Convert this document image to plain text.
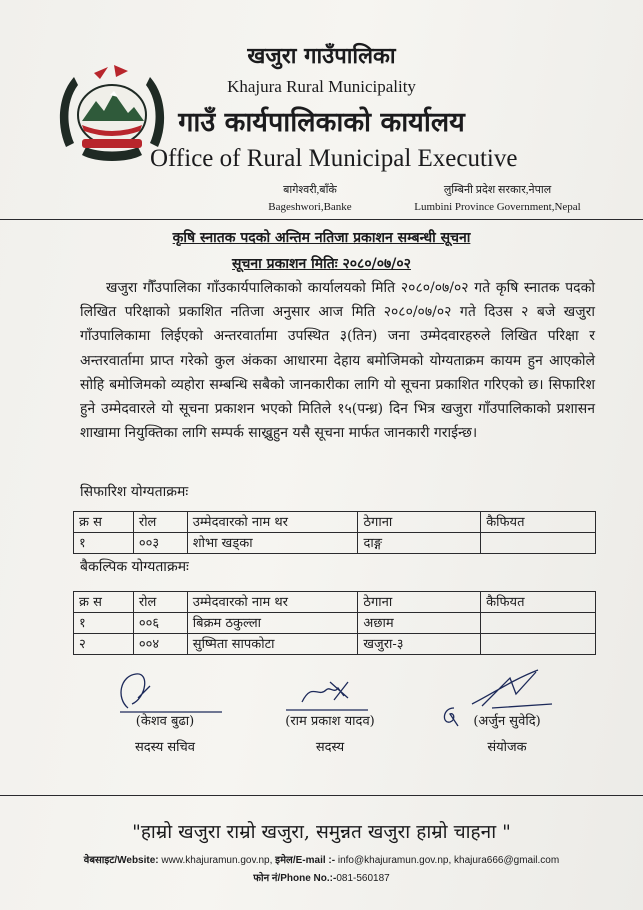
खजुरा गाउँपालिका
Khajura Rural Municipality
गाउँ कार्यपालिकाको कार्यालय
Office of Rural Municipal Executive
बागेश्वरी,बाँके
Bageshwori,Banke
लुम्बिनी प्रदेश सरकार,नेपाल
Lumbini Province Government,Nepal
कृषि स्नातक पदको अन्तिम नतिजा प्रकाशन सम्बन्धी सूचना
सूचना प्रकाशन मितिः २०८०/०७/०२
खजुरा गौँउपालिका गाँउकार्यपालिकाको कार्यालयको मिति २०८०/०७/०२ गते कृषि स्नातक पदको लिखित परिक्षाको प्रकाशित नतिजा अनुसार आज मिति २०८०/०७/०२ गते दिउस २ बजे खजुरा गाँउपालिकामा लिईएको अन्तरवार्तामा उपस्थित ३(तिन) जना उम्मेदवारहरुले लिखित परिक्षा र अन्तरवार्तामा प्राप्त गरेको कुल अंकका आधारमा देहाय बमोजिमको योग्यताक्रम कायम हुन आएकोले सोहि बमोजिमको व्यहोरा सम्बन्धि सबैको जानकारीका लागि यो सूचना प्रकाशित गरिएको छ। सिफारिश हुने उम्मेदवारले यो सूचना प्रकाशन भएको मितिले १५(पन्ध्र) दिन भित्र खजुरा गाँउपालिकाको प्रशासन शाखामा नियुक्तिका लागि सम्पर्क साख्रुहुन यसै सूचना मार्फत जानकारी गराईन्छ।
सिफारिश योग्यताक्रमः
क्र स	रोल	उम्मेदवारको नाम थर	ठेगाना	कैफियत
१	००३	शोभा खड्का	दाङ्ग	
बैकल्पिक योग्यताक्रमः
क्र स	रोल	उम्मेदवारको नाम थर	ठेगाना	कैफियत
१	००६	बिक्रम ठकुल्ला	अछाम	
२	००४	सुष्मिता सापकोटा	खजुरा-३	
(केशव बुढा)
सदस्य सचिव
(राम प्रकाश यादव)
सदस्य
(अर्जुन सुवेदि)
संयोजक
"हाम्रो खजुरा राम्रो खजुरा, समुन्नत खजुरा हाम्रो चाहना "
वेबसाइट/Website: www.khajuramun.gov.np, इमेल/E-mail :- info@khajuramun.gov.np, khajura666@gmail.com
फोन नं/Phone No.:-081-560187
